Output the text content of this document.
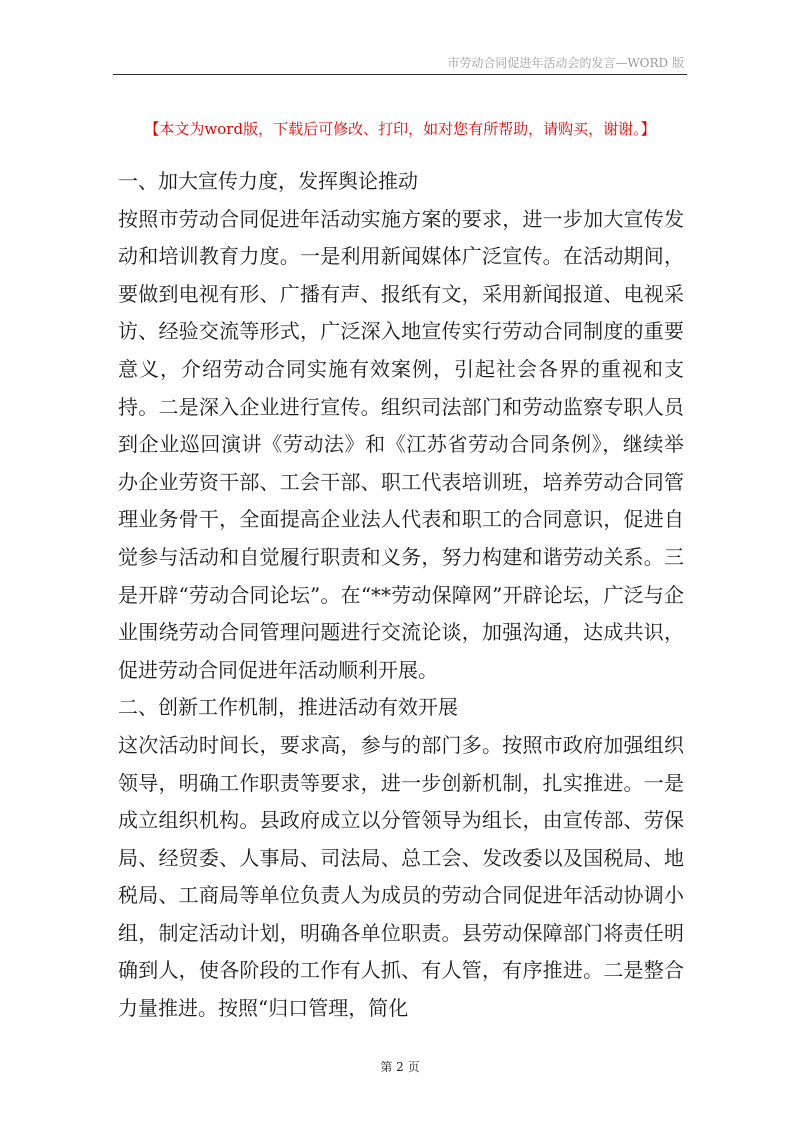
市劳动合同促进年活动会的发言—WORD 版
【本文为word版，下载后可修改、打印，如对您有所帮助，请购买，谢谢。】

一、加大宣传力度，发挥舆论推动

按照市劳动合同促进年活动实施方案的要求，进一步加大宣传发动和培训教育力度。一是利用新闻媒体广泛宣传。在活动期间，要做到电视有形、广播有声、报纸有文，采用新闻报道、电视采访、经验交流等形式，广泛深入地宣传实行劳动合同制度的重要意义，介绍劳动合同实施有效案例，引起社会各界的重视和支持。二是深入企业进行宣传。组织司法部门和劳动监察专职人员到企业巡回演讲《劳动法》和《江苏省劳动合同条例》，继续举办企业劳资干部、工会干部、职工代表培训班，培养劳动合同管理业务骨干，全面提高企业法人代表和职工的合同意识，促进自觉参与活动和自觉履行职责和义务，努力构建和谐劳动关系。三是开辟“劳动合同论坛”。在“**劳动保障网”开辟论坛，广泛与企业围绕劳动合同管理问题进行交流论谈，加强沟通，达成共识，促进劳动合同促进年活动顺利开展。

二、创新工作机制，推进活动有效开展

这次活动时间长，要求高，参与的部门多。按照市政府加强组织领导，明确工作职责等要求，进一步创新机制，扎实推进。一是成立组织机构。县政府成立以分管领导为组长，由宣传部、劳保局、经贸委、人事局、司法局、总工会、发改委以及国税局、地税局、工商局等单位负责人为成员的劳动合同促进年活动协调小组，制定活动计划，明确各单位职责。县劳动保障部门将责任明确到人，使各阶段的工作有人抓、有人管，有序推进。二是整合力量推进。按照“归口管理，简化

第 2 页
